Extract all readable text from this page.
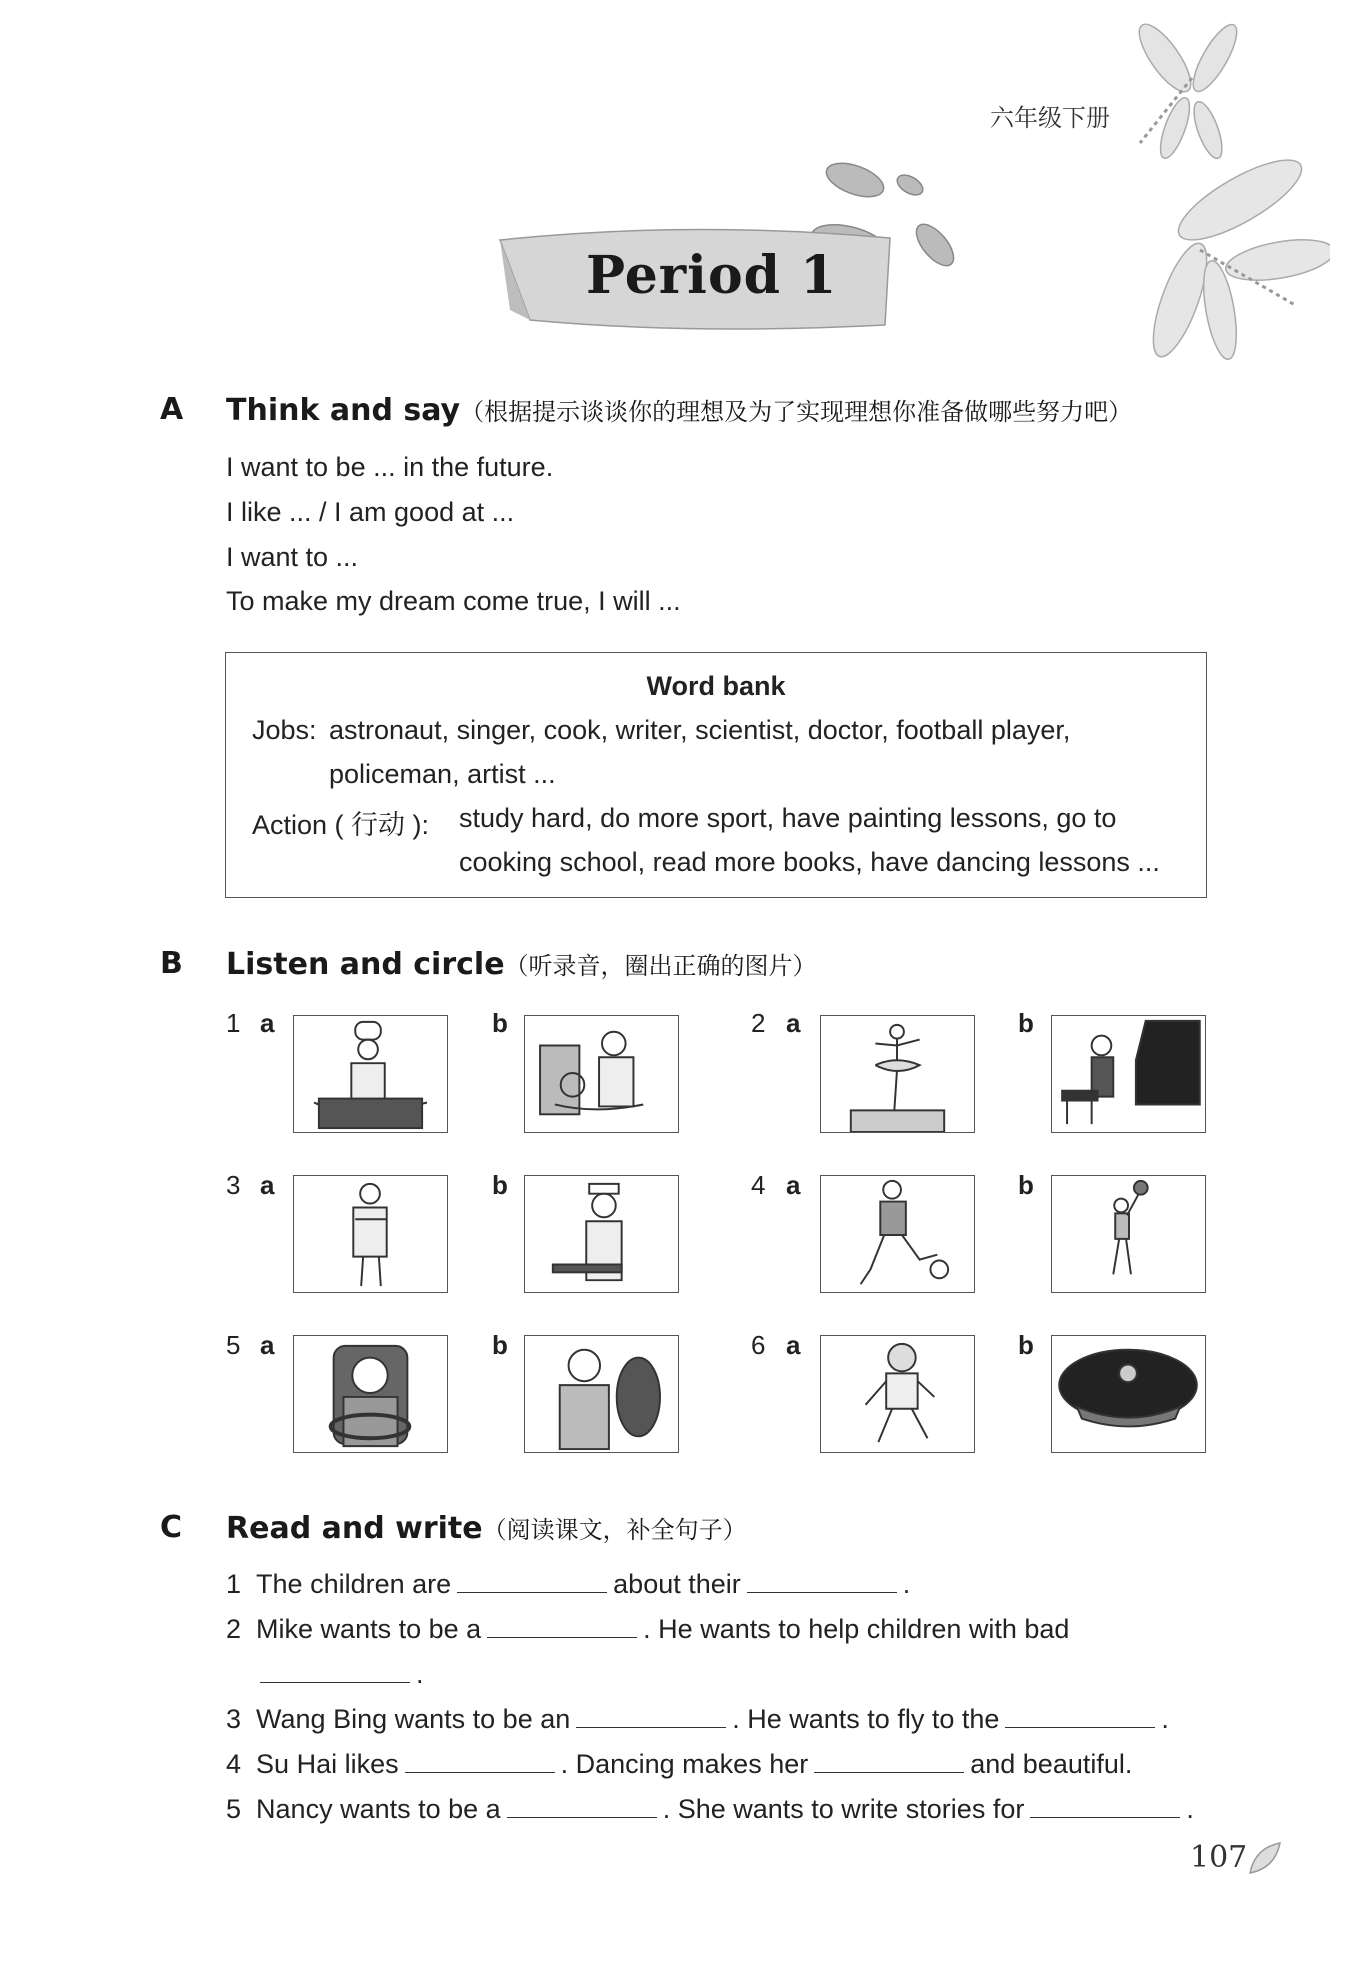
六年级下册
Period 1
A Think and say（根据提示谈谈你的理想及为了实现理想你准备做哪些努力吧）
I want to be ... in the future.
I like ... / I am good at ...
I want to ...
To make my dream come true, I will ...
Word bank
Jobs: astronaut, singer, cook, writer, scientist, doctor, football player,
policeman, artist ...
Action ( 行动 ): study hard, do more sport, have painting lessons, go to
cooking school, read more books, have dancing lessons ...
B Listen and circle（听录音，圈出正确的图片）
1 a	b	2 a	b
3 a	b	4 a	b
5 a	b	6 a	b
C Read and write（阅读课文，补全句子）
1 The children are	about their	.
2 Mike wants to be a	. He wants to help children with bad
.
3 Wang Bing wants to be an	. He wants to fly to the	.
4 Su Hai likes	. Dancing makes her	and beautiful.
5 Nancy wants to be a	. She wants to write stories for	.
107
